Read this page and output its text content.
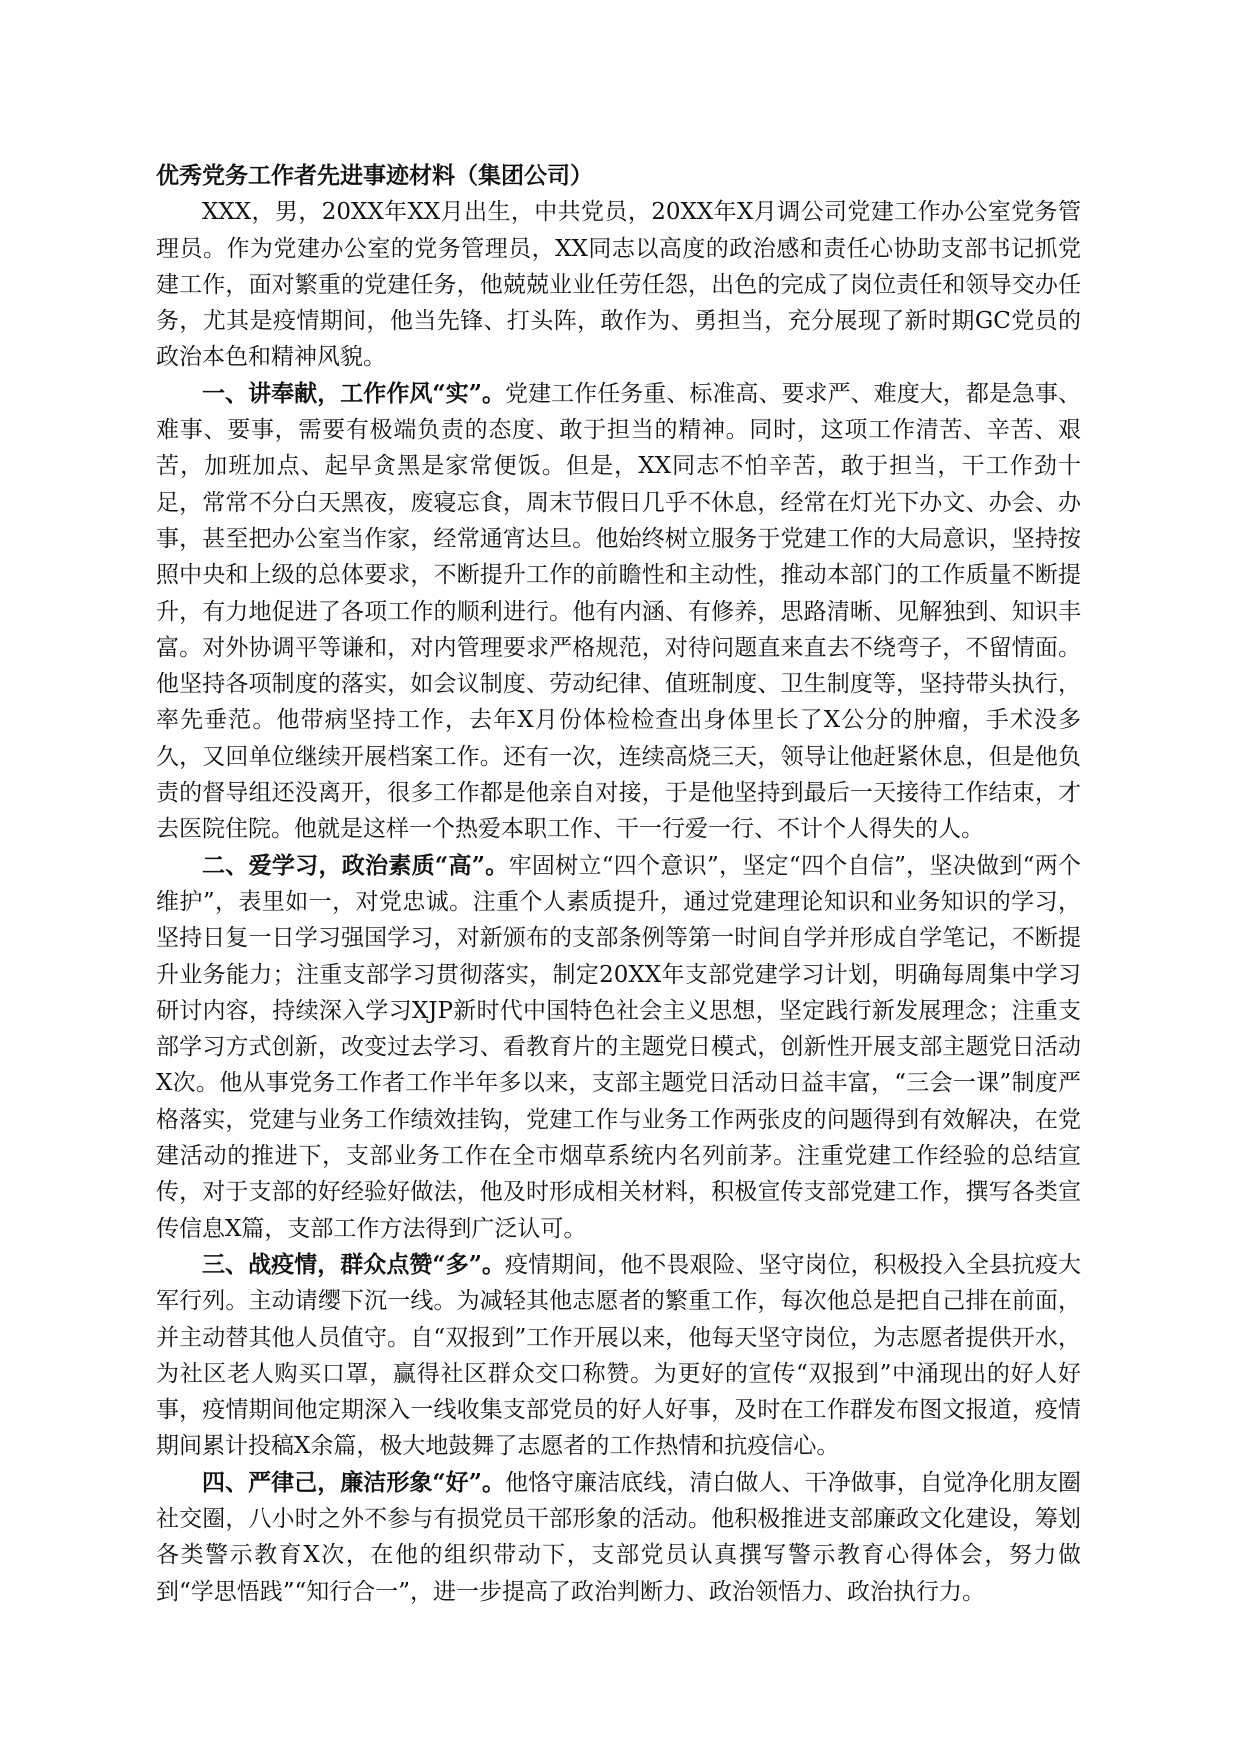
优秀党务工作者先进事迹材料（集团公司）

XXX，男，20XX年XX月出生，中共党员，20XX年X月调公司党建工作办公室党务管理员。作为党建办公室的党务管理员，XX同志以高度的政治感和责任心协助支部书记抓党建工作，面对繁重的党建任务，他兢兢业业任劳任怨，出色的完成了岗位责任和领导交办任务，尤其是疫情期间，他当先锋、打头阵，敢作为、勇担当，充分展现了新时期GC党员的政治本色和精神风貌。

一、讲奉献，工作作风“实”。党建工作任务重、标准高、要求严、难度大，都是急事、难事、要事，需要有极端负责的态度、敢于担当的精神。同时，这项工作清苦、辛苦、艰苦，加班加点、起早贪黑是家常便饭。但是，XX同志不怕辛苦，敢于担当，干工作劲十足，常常不分白天黑夜，废寝忘食，周末节假日几乎不休息，经常在灯光下办文、办会、办事，甚至把办公室当作家，经常通宵达旦。他始终树立服务于党建工作的大局意识，坚持按照中央和上级的总体要求，不断提升工作的前瞻性和主动性，推动本部门的工作质量不断提升，有力地促进了各项工作的顺利进行。他有内涵、有修养，思路清晰、见解独到、知识丰富。对外协调平等谦和，对内管理要求严格规范，对待问题直来直去不绕弯子，不留情面。他坚持各项制度的落实，如会议制度、劳动纪律、值班制度、卫生制度等，坚持带头执行，率先垂范。他带病坚持工作，去年X月份体检检查出身体里长了X公分的肿瘤，手术没多久，又回单位继续开展档案工作。还有一次，连续高烧三天，领导让他赶紧休息，但是他负责的督导组还没离开，很多工作都是他亲自对接，于是他坚持到最后一天接待工作结束，才去医院住院。他就是这样一个热爱本职工作、干一行爱一行、不计个人得失的人。

二、爱学习，政治素质“高”。牢固树立“四个意识”，坚定“四个自信”，坚决做到“两个维护”，表里如一，对党忠诚。注重个人素质提升，通过党建理论知识和业务知识的学习，坚持日复一日学习强国学习，对新颁布的支部条例等第一时间自学并形成自学笔记，不断提升业务能力；注重支部学习贯彻落实，制定20XX年支部党建学习计划，明确每周集中学习研讨内容，持续深入学习XJP新时代中国特色社会主义思想，坚定践行新发展理念；注重支部学习方式创新，改变过去学习、看教育片的主题党日模式，创新性开展支部主题党日活动X次。他从事党务工作者工作半年多以来，支部主题党日活动日益丰富，“三会一课”制度严格落实，党建与业务工作绩效挂钩，党建工作与业务工作两张皮的问题得到有效解决，在党建活动的推进下，支部业务工作在全市烟草系统内名列前茅。注重党建工作经验的总结宣传，对于支部的好经验好做法，他及时形成相关材料，积极宣传支部党建工作，撰写各类宣传信息X篇，支部工作方法得到广泛认可。

三、战疫情，群众点赞“多”。疫情期间，他不畏艰险、坚守岗位，积极投入全县抗疫大军行列。主动请缨下沉一线。为减轻其他志愿者的繁重工作，每次他总是把自己排在前面，并主动替其他人员值守。自“双报到”工作开展以来，他每天坚守岗位，为志愿者提供开水，为社区老人购买口罩，赢得社区群众交口称赞。为更好的宣传“双报到”中涌现出的好人好事，疫情期间他定期深入一线收集支部党员的好人好事，及时在工作群发布图文报道，疫情期间累计投稿X余篇，极大地鼓舞了志愿者的工作热情和抗疫信心。

四、严律己，廉洁形象“好”。他恪守廉洁底线，清白做人、干净做事，自觉净化朋友圈社交圈，八小时之外不参与有损党员干部形象的活动。他积极推进支部廉政文化建设，筹划各类警示教育X次，在他的组织带动下，支部党员认真撰写警示教育心得体会，努力做到“学思悟践”“知行合一”，进一步提高了政治判断力、政治领悟力、政治执行力。
